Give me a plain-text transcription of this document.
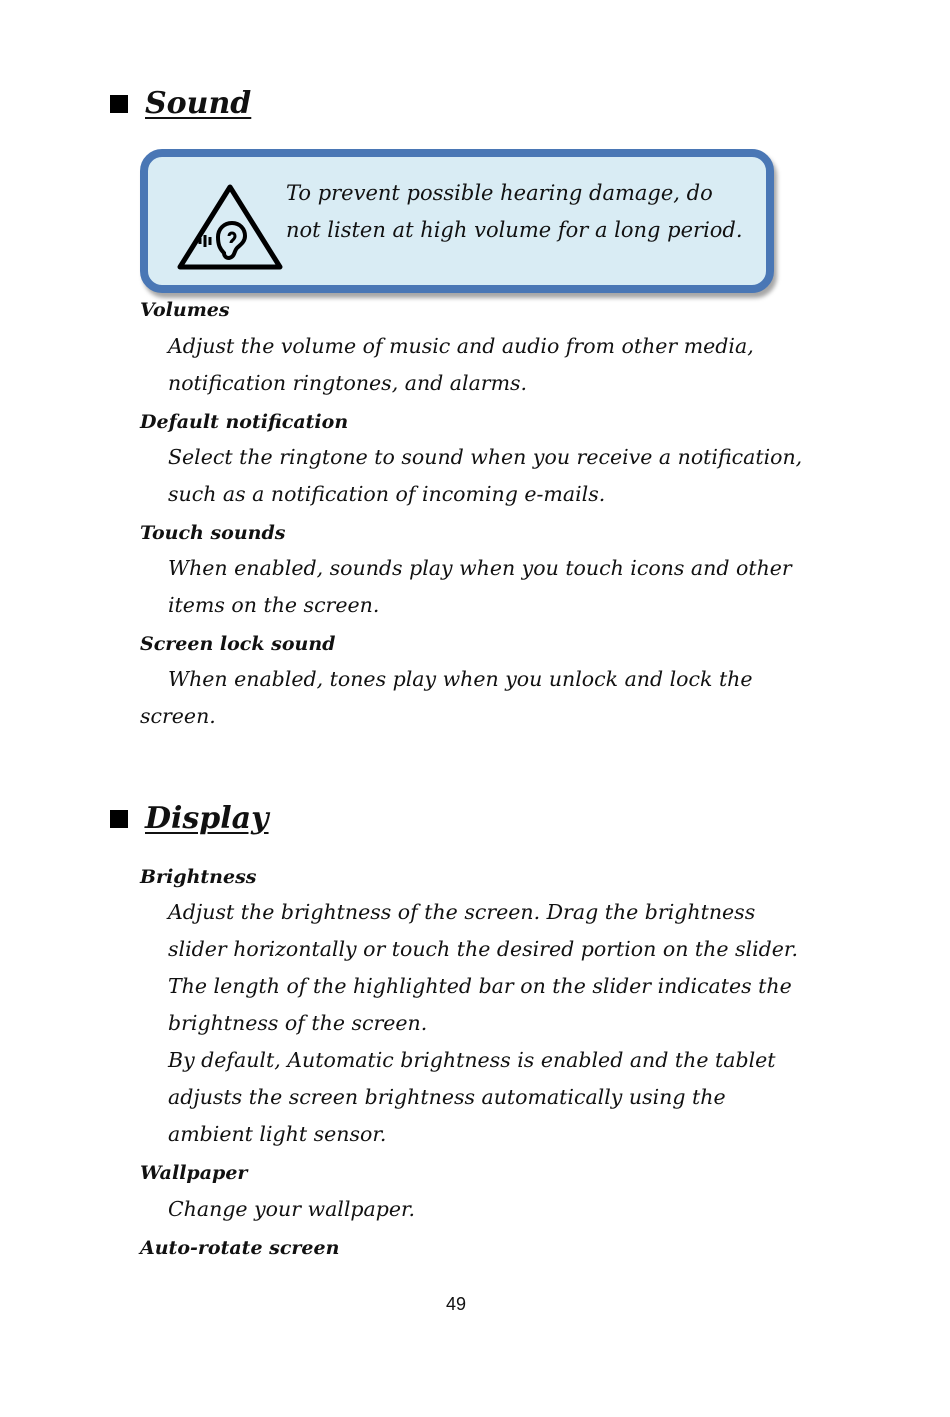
Sound
To prevent possible hearing damage, do not listen at high volume for a long period.
Volumes
Adjust the volume of music and audio from other media, notification ringtones, and alarms.
Default notification
Select the ringtone to sound when you receive a notification, such as a notification of incoming e-mails.
Touch sounds
When enabled, sounds play when you touch icons and other items on the screen.
Screen lock sound
When enabled, tones play when you unlock and lock the screen.
Display
Brightness
Adjust the brightness of the screen. Drag the brightness slider horizontally or touch the desired portion on the slider. The length of the highlighted bar on the slider indicates the brightness of the screen.
By default, Automatic brightness is enabled and the tablet adjusts the screen brightness automatically using the ambient light sensor.
Wallpaper
Change your wallpaper.
Auto-rotate screen
49
